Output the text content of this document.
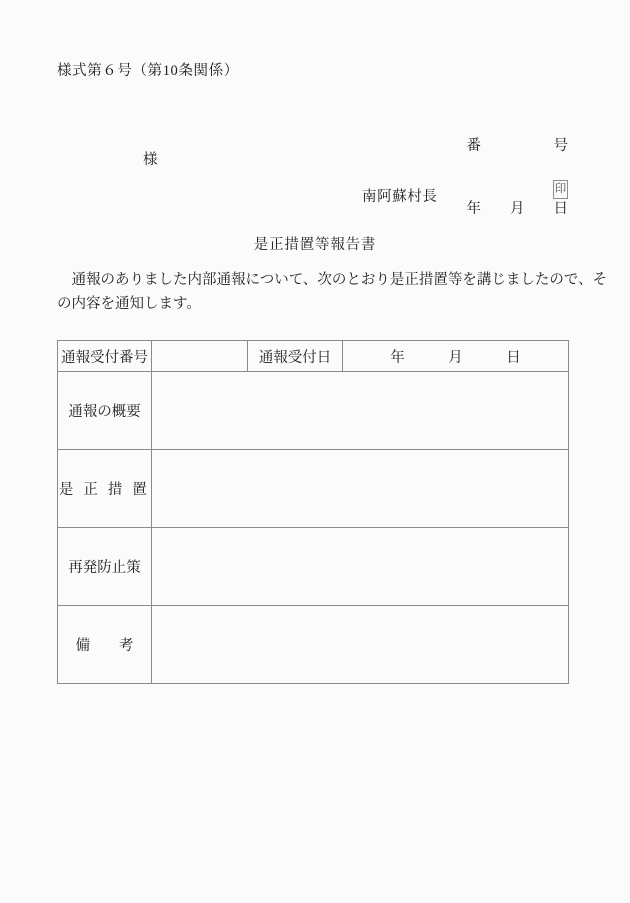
様式第６号（第10条関係）

番　　　　　号

年　　月　　日

様
南阿蘇村長	印
是正措置等報告書
　通報のありました内部通報について、次のとおり是正措置等を講じましたので、そ
の内容を通知します。
通報受付番号		通報受付日	年　　　月　　　日
通報の概要			
是 正 措 置			
再発防止策			
備　　考			
